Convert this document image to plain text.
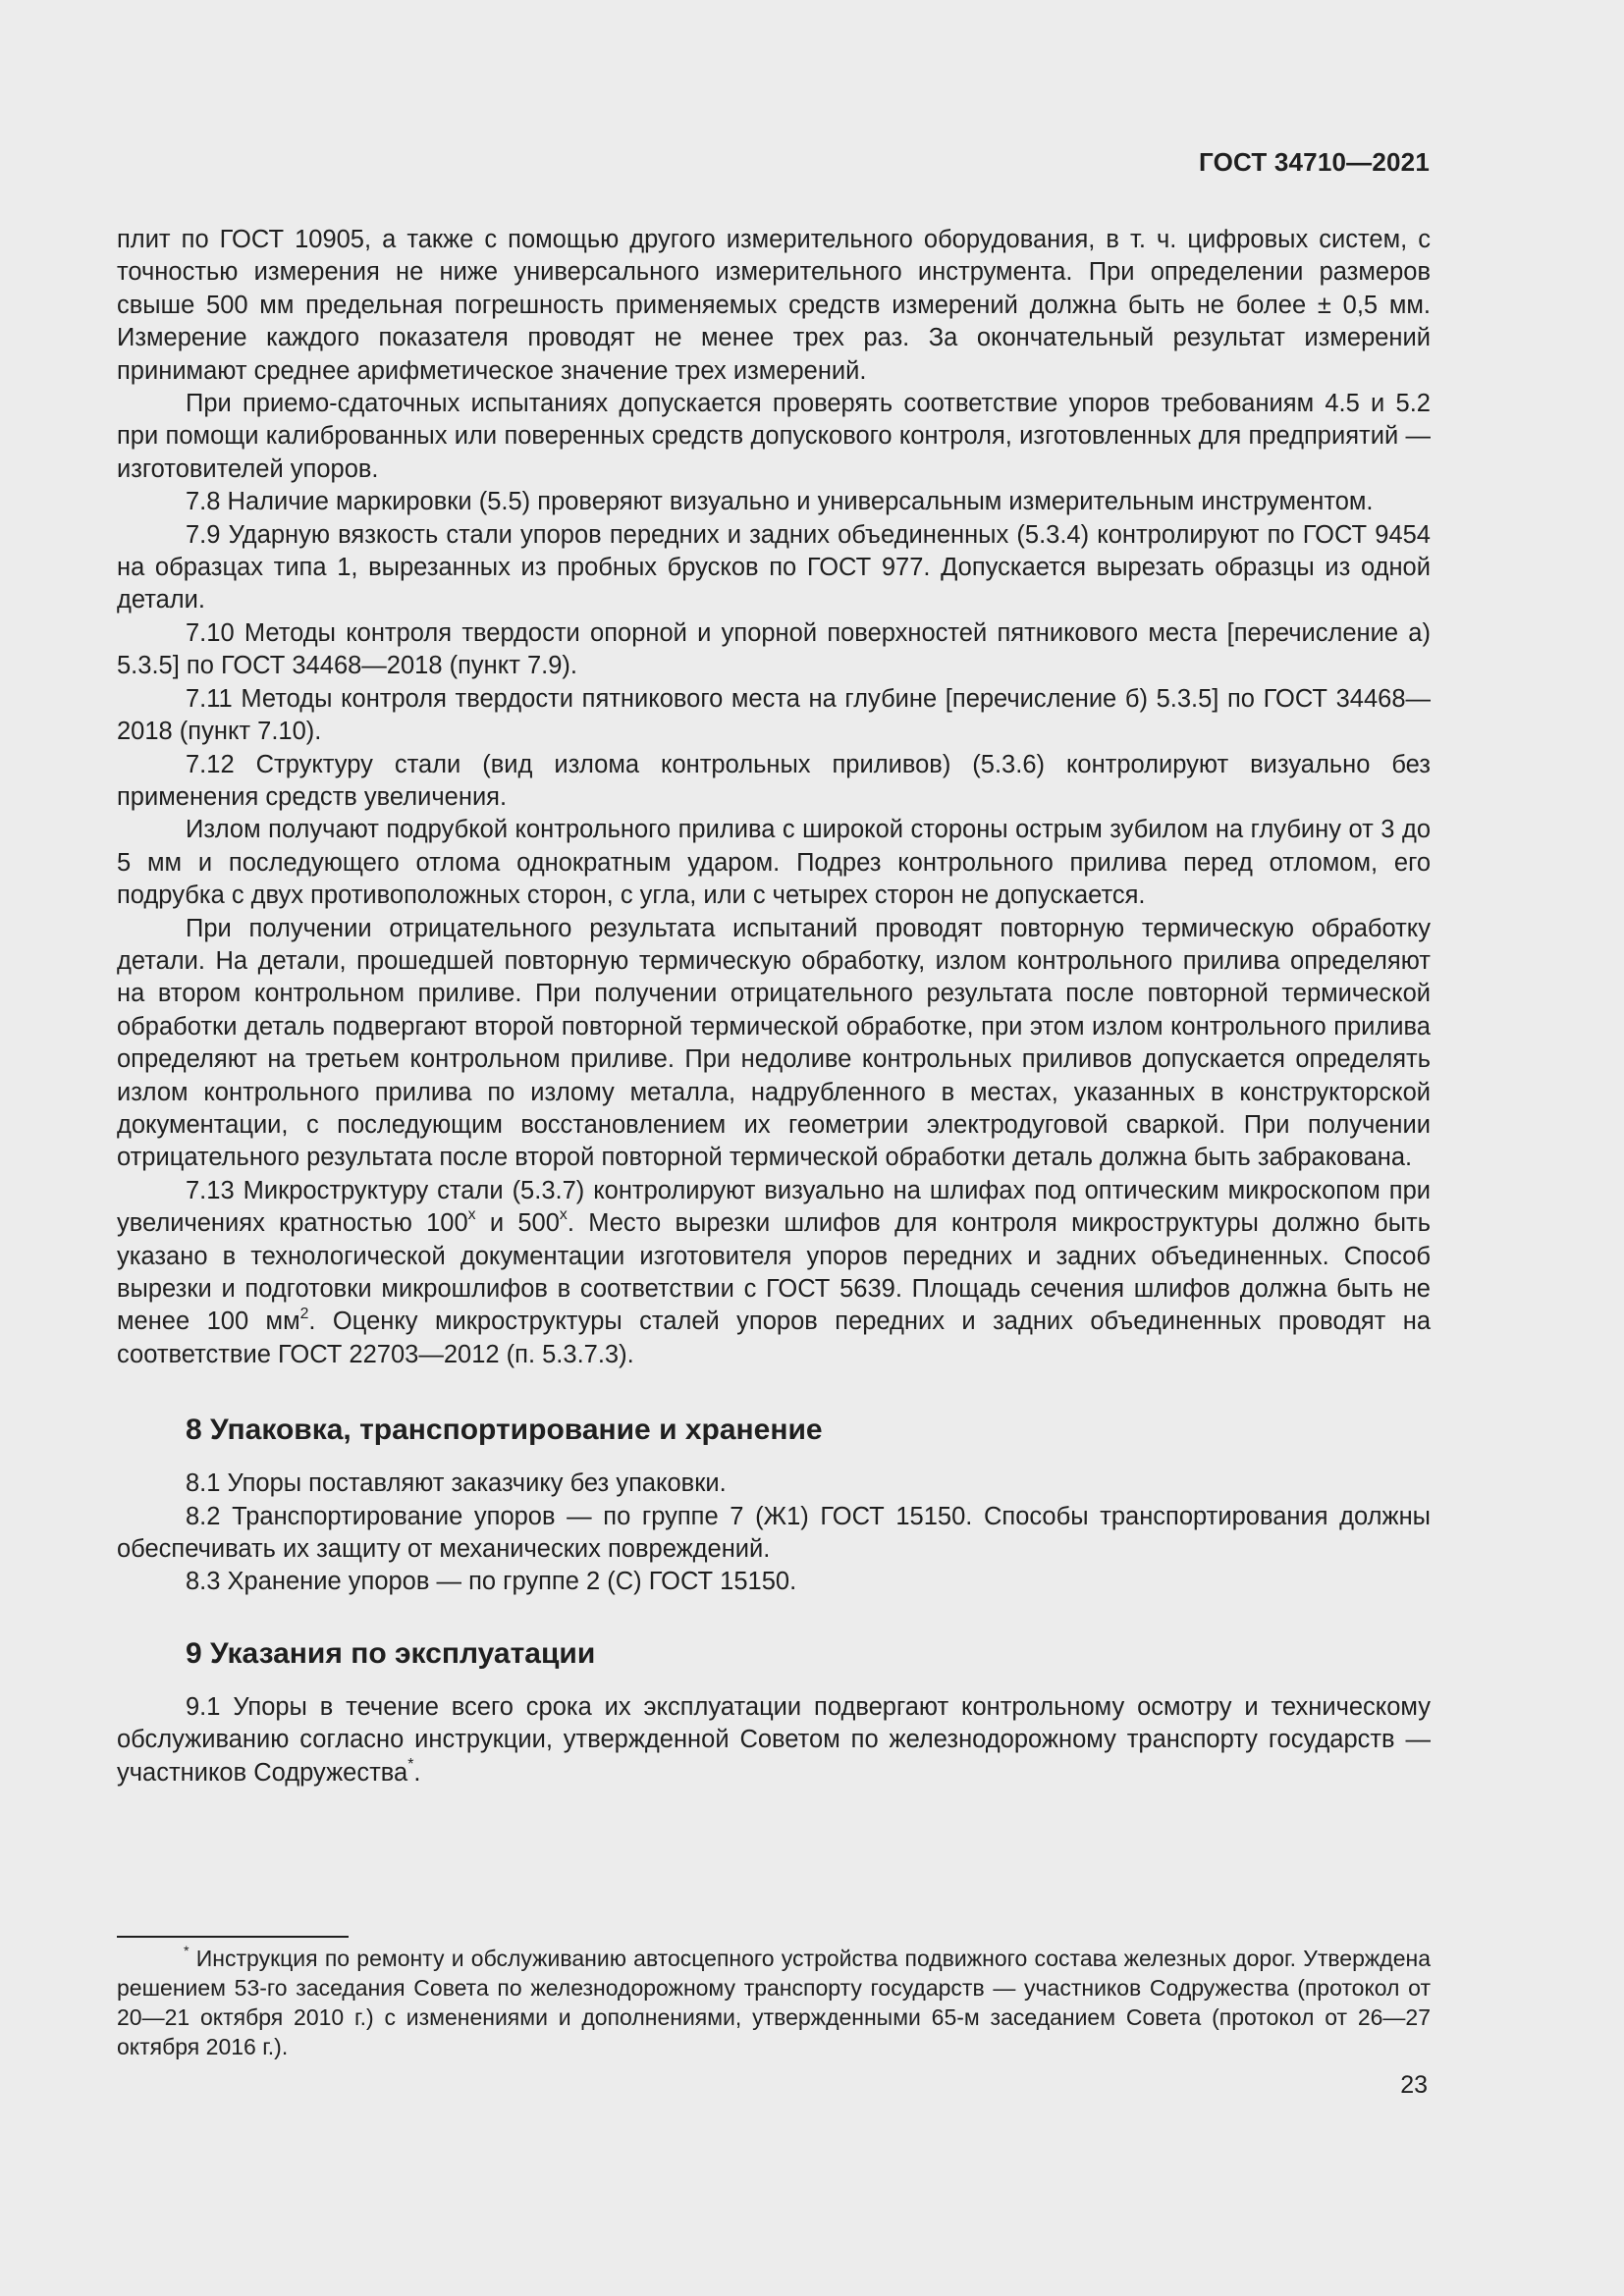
ГОСТ 34710—2021

плит по ГОСТ 10905, а также с помощью другого измерительного оборудования, в т. ч. цифровых систем, с точностью измерения не ниже универсального измерительного инструмента. При определении размеров свыше 500 мм предельная погрешность применяемых средств измерений должна быть не более ± 0,5 мм. Измерение каждого показателя проводят не менее трех раз. За окончательный результат измерений принимают среднее арифметическое значение трех измерений.

При приемо-сдаточных испытаниях допускается проверять соответствие упоров требованиям 4.5 и 5.2 при помощи калиброванных или поверенных средств допускового контроля, изготовленных для предприятий — изготовителей упоров.

7.8 Наличие маркировки (5.5) проверяют визуально и универсальным измерительным инструментом.

7.9 Ударную вязкость стали упоров передних и задних объединенных (5.3.4) контролируют по ГОСТ 9454 на образцах типа 1, вырезанных из пробных брусков по ГОСТ 977. Допускается вырезать образцы из одной детали.

7.10 Методы контроля твердости опорной и упорной поверхностей пятникового места [перечисление а) 5.3.5] по ГОСТ 34468—2018 (пункт 7.9).

7.11 Методы контроля твердости пятникового места на глубине [перечисление б) 5.3.5] по ГОСТ 34468—2018 (пункт 7.10).

7.12 Структуру стали (вид излома контрольных приливов) (5.3.6) контролируют визуально без применения средств увеличения.

Излом получают подрубкой контрольного прилива с широкой стороны острым зубилом на глубину от 3 до 5 мм и последующего отлома однократным ударом. Подрез контрольного прилива перед отломом, его подрубка с двух противоположных сторон, с угла, или с четырех сторон не допускается.

При получении отрицательного результата испытаний проводят повторную термическую обработку детали. На детали, прошедшей повторную термическую обработку, излом контрольного прилива определяют на втором контрольном приливе. При получении отрицательного результата после повторной термической обработки деталь подвергают второй повторной термической обработке, при этом излом контрольного прилива определяют на третьем контрольном приливе. При недоливе контрольных приливов допускается определять излом контрольного прилива по излому металла, надрубленного в местах, указанных в конструкторской документации, с последующим восстановлением их геометрии электродуговой сваркой. При получении отрицательного результата после второй повторной термической обработки деталь должна быть забракована.

7.13 Микроструктуру стали (5.3.7) контролируют визуально на шлифах под оптическим микроскопом при увеличениях кратностью 100$^x$ и 500$^x$. Место вырезки шлифов для контроля микроструктуры должно быть указано в технологической документации изготовителя упоров передних и задних объединенных. Способ вырезки и подготовки микрошлифов в соответствии с ГОСТ 5639. Площадь сечения шлифов должна быть не менее 100 $мм^2$. Оценку микроструктуры сталей упоров передних и задних объединенных проводят на соответствие ГОСТ 22703—2012 (п. 5.3.7.3).

8 Упаковка, транспортирование и хранение

8.1 Упоры поставляют заказчику без упаковки.

8.2 Транспортирование упоров — по группе 7 (Ж1) ГОСТ 15150. Способы транспортирования должны обеспечивать их защиту от механических повреждений.

8.3 Хранение упоров — по группе 2 (С) ГОСТ 15150.

9 Указания по эксплуатации

9.1 Упоры в течение всего срока их эксплуатации подвергают контрольному осмотру и техническому обслуживанию согласно инструкции, утвержденной Советом по железнодорожному транспорту государств — участников Содружества*.

* Инструкция по ремонту и обслуживанию автосцепного устройства подвижного состава железных дорог. Утверждена решением 53-го заседания Совета по железнодорожному транспорту государств — участников Содружества (протокол от 20—21 октября 2010 г.) с изменениями и дополнениями, утвержденными 65-м заседанием Совета (протокол от 26—27 октября 2016 г.).
23
